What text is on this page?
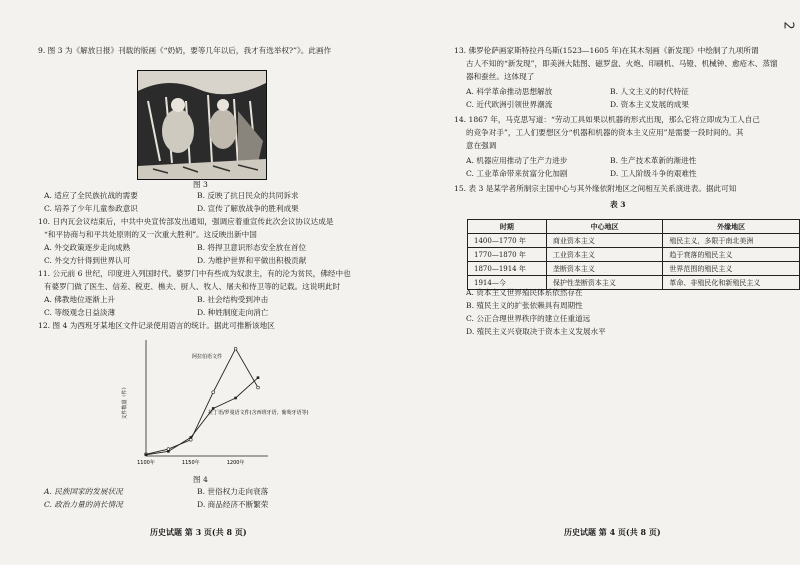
2
9. 图 3 为《解放日报》刊载的版画《“奶奶，要等几年以后，我才有选举权?”》。此画作
图 3
A. 适应了全民族抗战的需要	B. 反映了抗日民众的共同诉求
C. 培养了少年儿童参政意识	D. 宣传了解放战争的胜利成果
10. 日内瓦会议结束后，中共中央宣传部发出通知，强调应着重宣传此次会议协议达成是
“和平协商与和平共处原则的又一次重大胜利”。这反映出新中国
A. 外交政策逐步走向成熟	B. 将捍卫意识形态安全放在首位
C. 外交方针得到世界认可	D. 为维护世界和平做出积极贡献
11. 公元前 6 世纪，印度进入列国时代。婆罗门中有些成为奴隶主，有的沦为贫民，佛经中也
有婆罗门做了医生、信差、税吏、樵夫、厨人、牧人、屠夫和侍卫等的记载。这说明此时
A. 佛教地位逐渐上升	B. 社会结构受到冲击
C. 等级观念日益淡薄	D. 种姓制度走向消亡
12. 图 4 为西班牙某地区文件记录使用语言的统计。据此可推断该地区
文件数量（件）
1100年	1150年	1200年
阿拉伯语文件
拉丁语/罗曼语文件(含西班牙语、葡萄牙语等)
图 4
A. 民族国家的发展状况	B. 世俗权力走向衰落
C. 政治力量的消长情况	D. 商品经济不断繁荣
历史试题 第 3 页(共 8 页)
13. 佛罗伦萨画家斯特拉丹乌斯(1523—1605 年)在其木刻画《新发现》中绘制了九项所谓
古人不知的“新发现”，即美洲大陆图、磁罗盘、火炮、印刷机、马镫、机械钟、愈疮木、蒸馏
器和蚕丝。这体现了
A. 科学革命推动思想解放	B. 人文主义的时代特征
C. 近代欧洲引领世界潮流	D. 资本主义发展的成果
14. 1867 年，马克思写道：“劳动工具如果以机器的形式出现，那么它将立即成为工人自己
的竞争对手”，工人们要想区分“机器和机器的资本主义应用”是需要一段时间的。其
意在强调
A. 机器应用推动了生产力进步	B. 生产技术革新的渐进性
C. 工业革命带来贫富分化加剧	D. 工人阶级斗争的艰难性
15. 表 3 是某学者所制宗主国中心与其外缘依附地区之间相互关系演进表。据此可知
表 3
时期	中心地区	外缘地区
1400—1770 年	商业资本主义	殖民主义，多限于南北美洲
1770—1870 年	工业资本主义	趋于衰落的殖民主义
1870—1914 年	垄断资本主义	世界范围的殖民主义
1914—今	保护性垄断资本主义	革命、非殖民化和新殖民主义
A. 资本主义世界殖民体系依然存在
B. 殖民主义的扩张依赖具有周期性
C. 公正合理世界秩序的建立任重道远
D. 殖民主义兴衰取决于资本主义发展水平
历史试题 第 4 页(共 8 页)
